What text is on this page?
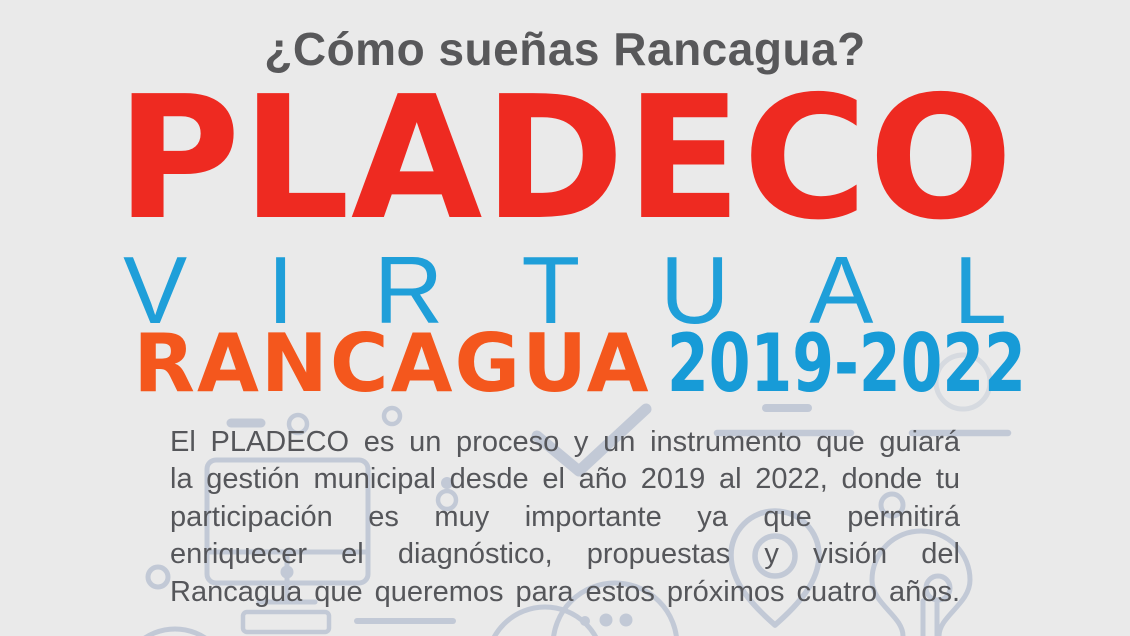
¿Cómo sueñas Rancagua?
PLADECO
VIRTUAL
RANCAGUA 2019-2022
El PLADECO es un proceso y un instrumento que guiará
la gestión municipal desde el año 2019 al 2022, donde tu
participación es muy importante ya que permitirá
enriquecer el diagnóstico, propuestas y visión del
Rancagua que queremos para estos próximos cuatro años.
